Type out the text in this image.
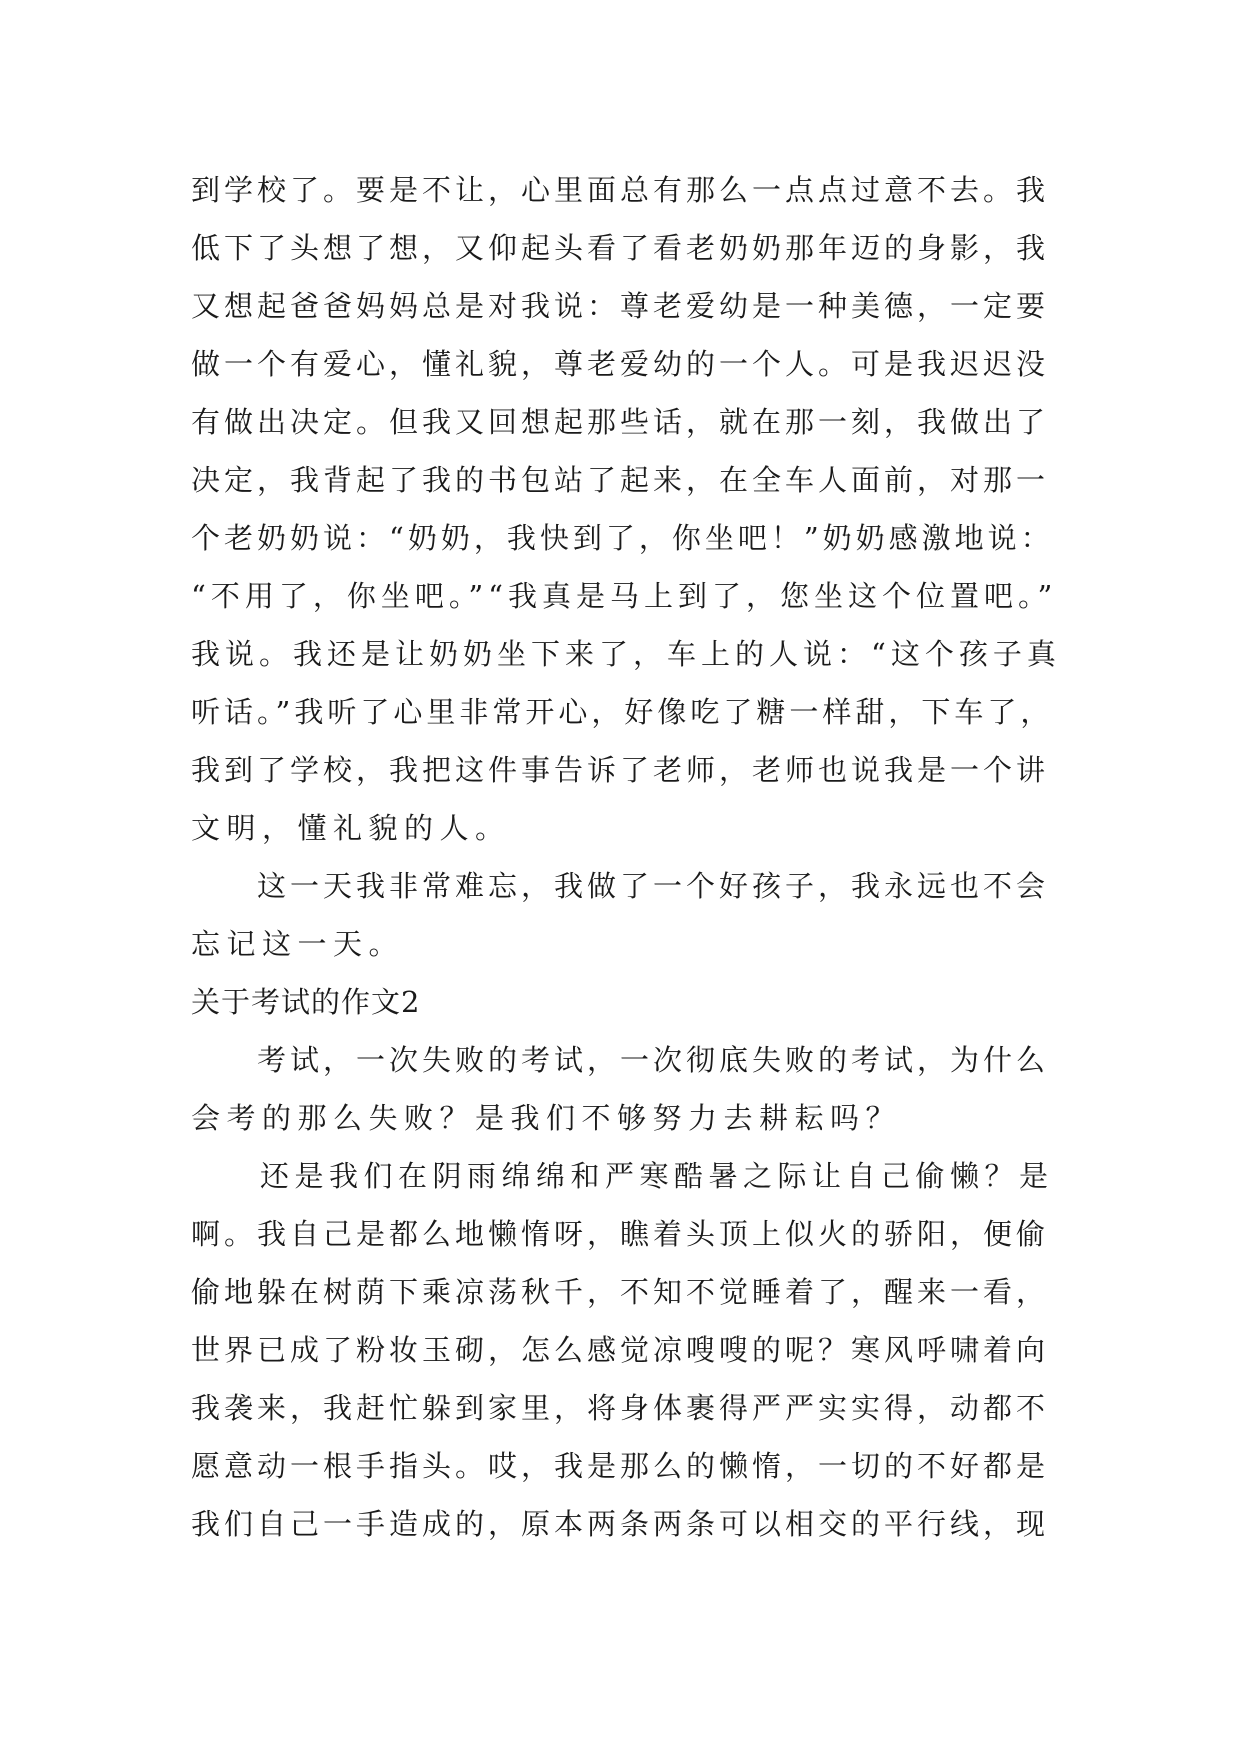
到学校了。要是不让，心里面总有那么一点点过意不去。我
低下了头想了想，又仰起头看了看老奶奶那年迈的身影，我
又想起爸爸妈妈总是对我说：尊老爱幼是一种美德，一定要
做一个有爱心，懂礼貌，尊老爱幼的一个人。可是我迟迟没
有做出决定。但我又回想起那些话，就在那一刻，我做出了
决定，我背起了我的书包站了起来，在全车人面前，对那一
个老奶奶说：“奶奶，我快到了，你坐吧！”奶奶感激地说：
“不用了，你坐吧。”“我真是马上到了，您坐这个位置吧。”
我说。我还是让奶奶坐下来了，车上的人说：“这个孩子真
听话。”我听了心里非常开心，好像吃了糖一样甜，下车了，
我到了学校，我把这件事告诉了老师，老师也说我是一个讲
文明，懂礼貌的人。
　　这一天我非常难忘，我做了一个好孩子，我永远也不会
忘记这一天。
关于考试的作文2
　　考试，一次失败的考试，一次彻底失败的考试，为什么
会考的那么失败？是我们不够努力去耕耘吗？
　　还是我们在阴雨绵绵和严寒酷暑之际让自己偷懒？是
啊。我自己是都么地懒惰呀，瞧着头顶上似火的骄阳，便偷
偷地躲在树荫下乘凉荡秋千，不知不觉睡着了，醒来一看，
世界已成了粉妆玉砌，怎么感觉凉嗖嗖的呢？寒风呼啸着向
我袭来，我赶忙躲到家里，将身体裹得严严实实得，动都不
愿意动一根手指头。哎，我是那么的懒惰，一切的不好都是
我们自己一手造成的，原本两条两条可以相交的平行线，现
